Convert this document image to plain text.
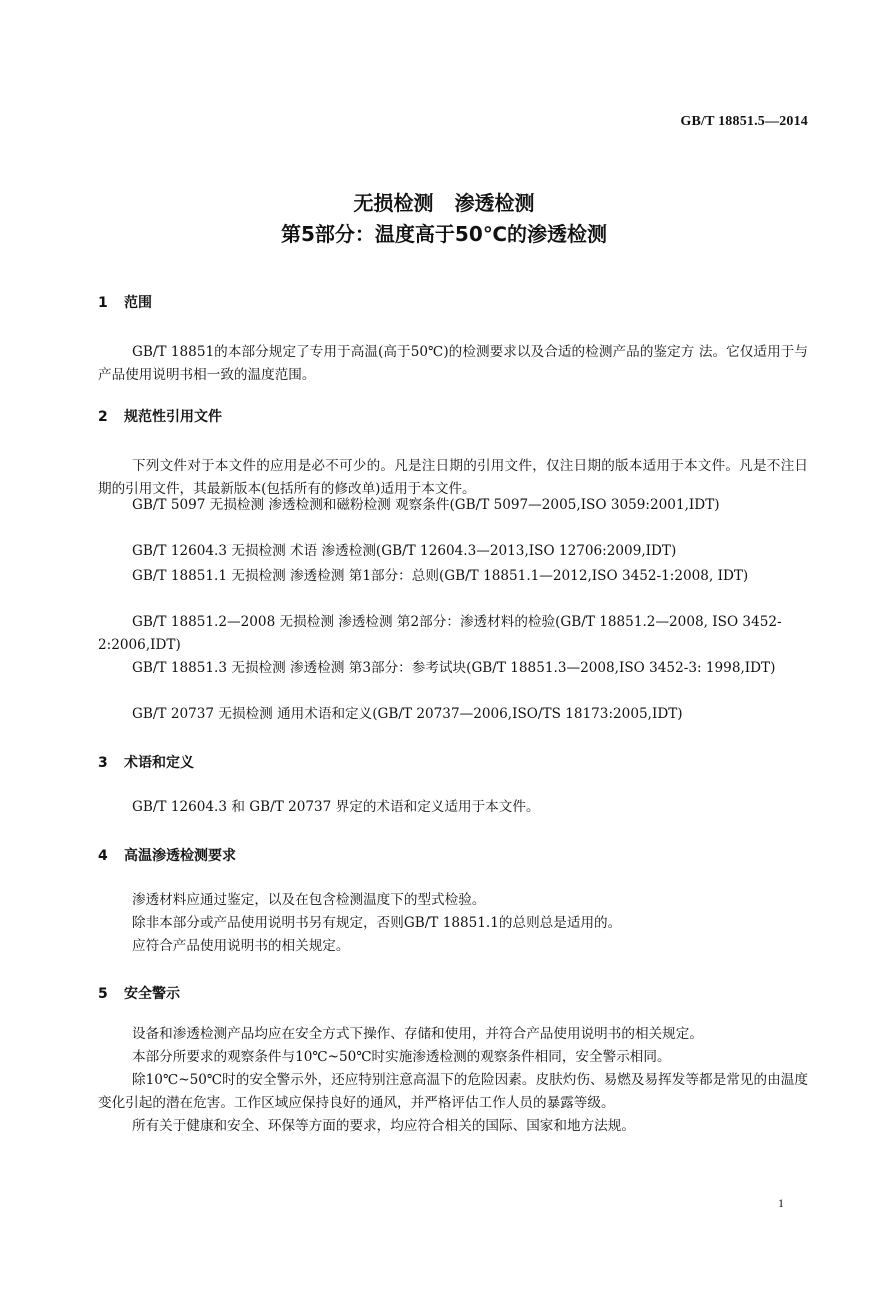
GB/T 18851.5—2014
无损检测 渗透检测
第5部分：温度高于50℃的渗透检测
1 范围
GB/T 18851的本部分规定了专用于高温(高于50℃)的检测要求以及合适的检测产品的鉴定方 法。它仅适用于与产品使用说明书相一致的温度范围。
2 规范性引用文件
下列文件对于本文件的应用是必不可少的。凡是注日期的引用文件，仅注日期的版本适用于本文件。凡是不注日期的引用文件，其最新版本(包括所有的修改单)适用于本文件。
GB/T 5097 无损检测 渗透检测和磁粉检测 观察条件(GB/T 5097—2005,ISO 3059:2001,IDT)
GB/T 12604.3 无损检测 术语 渗透检测(GB/T 12604.3—2013,ISO 12706:2009,IDT)
GB/T 18851.1 无损检测 渗透检测 第1部分：总则(GB/T 18851.1—2012,ISO 3452-1:2008, IDT)
GB/T 18851.2—2008 无损检测 渗透检测 第2部分：渗透材料的检验(GB/T 18851.2—2008, ISO 3452-2:2006,IDT)
GB/T 18851.3 无损检测 渗透检测 第3部分：参考试块(GB/T 18851.3—2008,ISO 3452-3: 1998,IDT)
GB/T 20737 无损检测 通用术语和定义(GB/T 20737—2006,ISO/TS 18173:2005,IDT)
3 术语和定义
GB/T 12604.3 和 GB/T 20737 界定的术语和定义适用于本文件。
4 高温渗透检测要求
渗透材料应通过鉴定，以及在包含检测温度下的型式检验。
除非本部分或产品使用说明书另有规定，否则GB/T 18851.1的总则总是适用的。
应符合产品使用说明书的相关规定。
5 安全警示
设备和渗透检测产品均应在安全方式下操作、存储和使用，并符合产品使用说明书的相关规定。
本部分所要求的观察条件与10℃~50℃时实施渗透检测的观察条件相同，安全警示相同。
除10℃~50℃时的安全警示外，还应特别注意高温下的危险因素。皮肤灼伤、易燃及易挥发等都是常见的由温度变化引起的潜在危害。工作区域应保持良好的通风，并严格评估工作人员的暴露等级。
所有关于健康和安全、环保等方面的要求，均应符合相关的国际、国家和地方法规。
1
